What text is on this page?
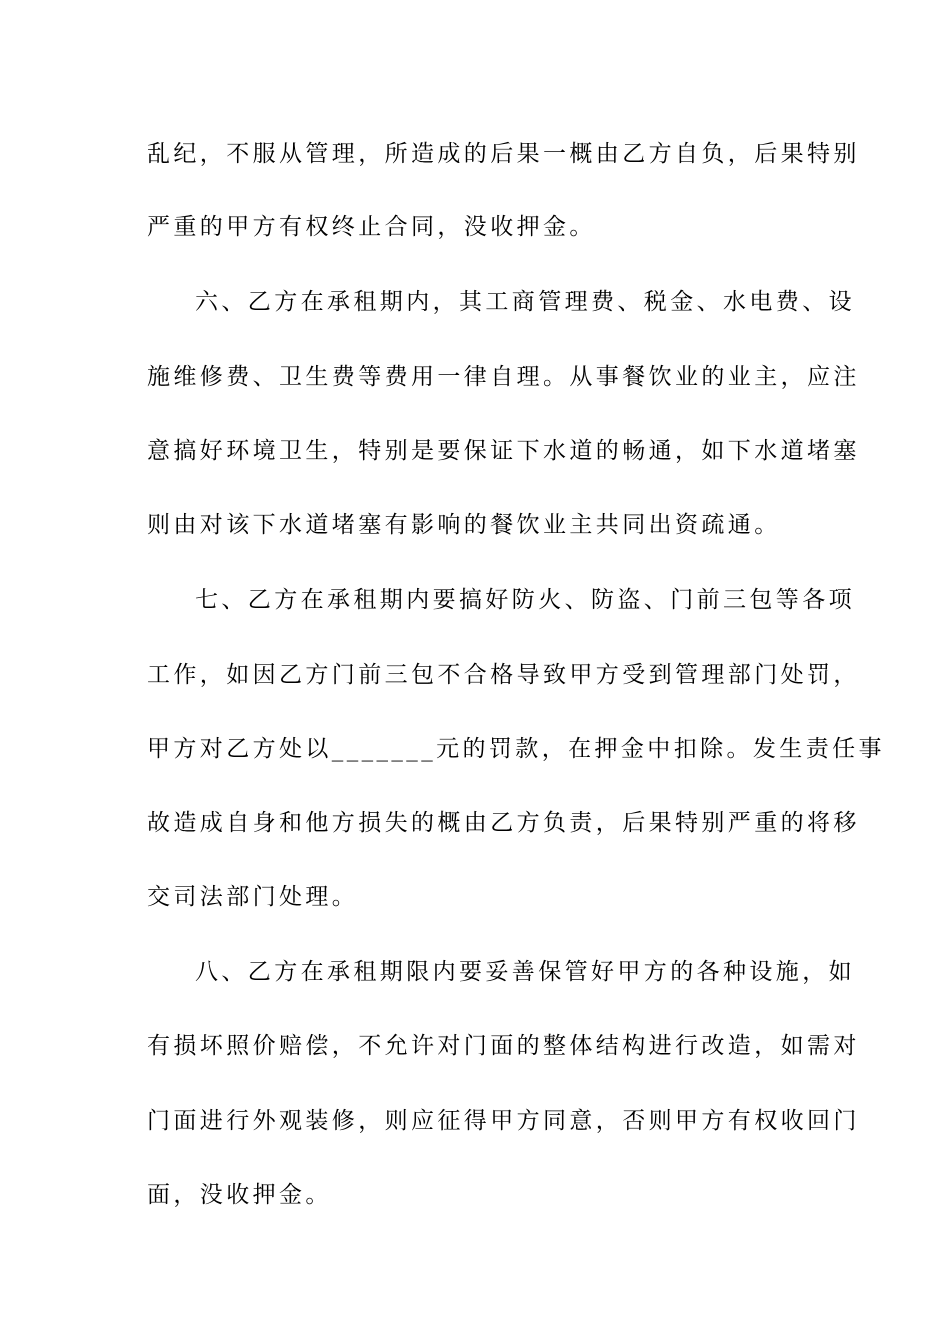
乱纪，不服从管理，所造成的后果一概由乙方自负，后果特别
严重的甲方有权终止合同，没收押金。
六、乙方在承租期内，其工商管理费、税金、水电费、设
施维修费、卫生费等费用一律自理。从事餐饮业的业主，应注
意搞好环境卫生，特别是要保证下水道的畅通，如下水道堵塞
则由对该下水道堵塞有影响的餐饮业主共同出资疏通。
七、乙方在承租期内要搞好防火、防盗、门前三包等各项
工作，如因乙方门前三包不合格导致甲方受到管理部门处罚，
甲方对乙方处以_______元的罚款，在押金中扣除。发生责任事
故造成自身和他方损失的概由乙方负责，后果特别严重的将移
交司法部门处理。
八、乙方在承租期限内要妥善保管好甲方的各种设施，如
有损坏照价赔偿，不允许对门面的整体结构进行改造，如需对
门面进行外观装修，则应征得甲方同意，否则甲方有权收回门
面，没收押金。
